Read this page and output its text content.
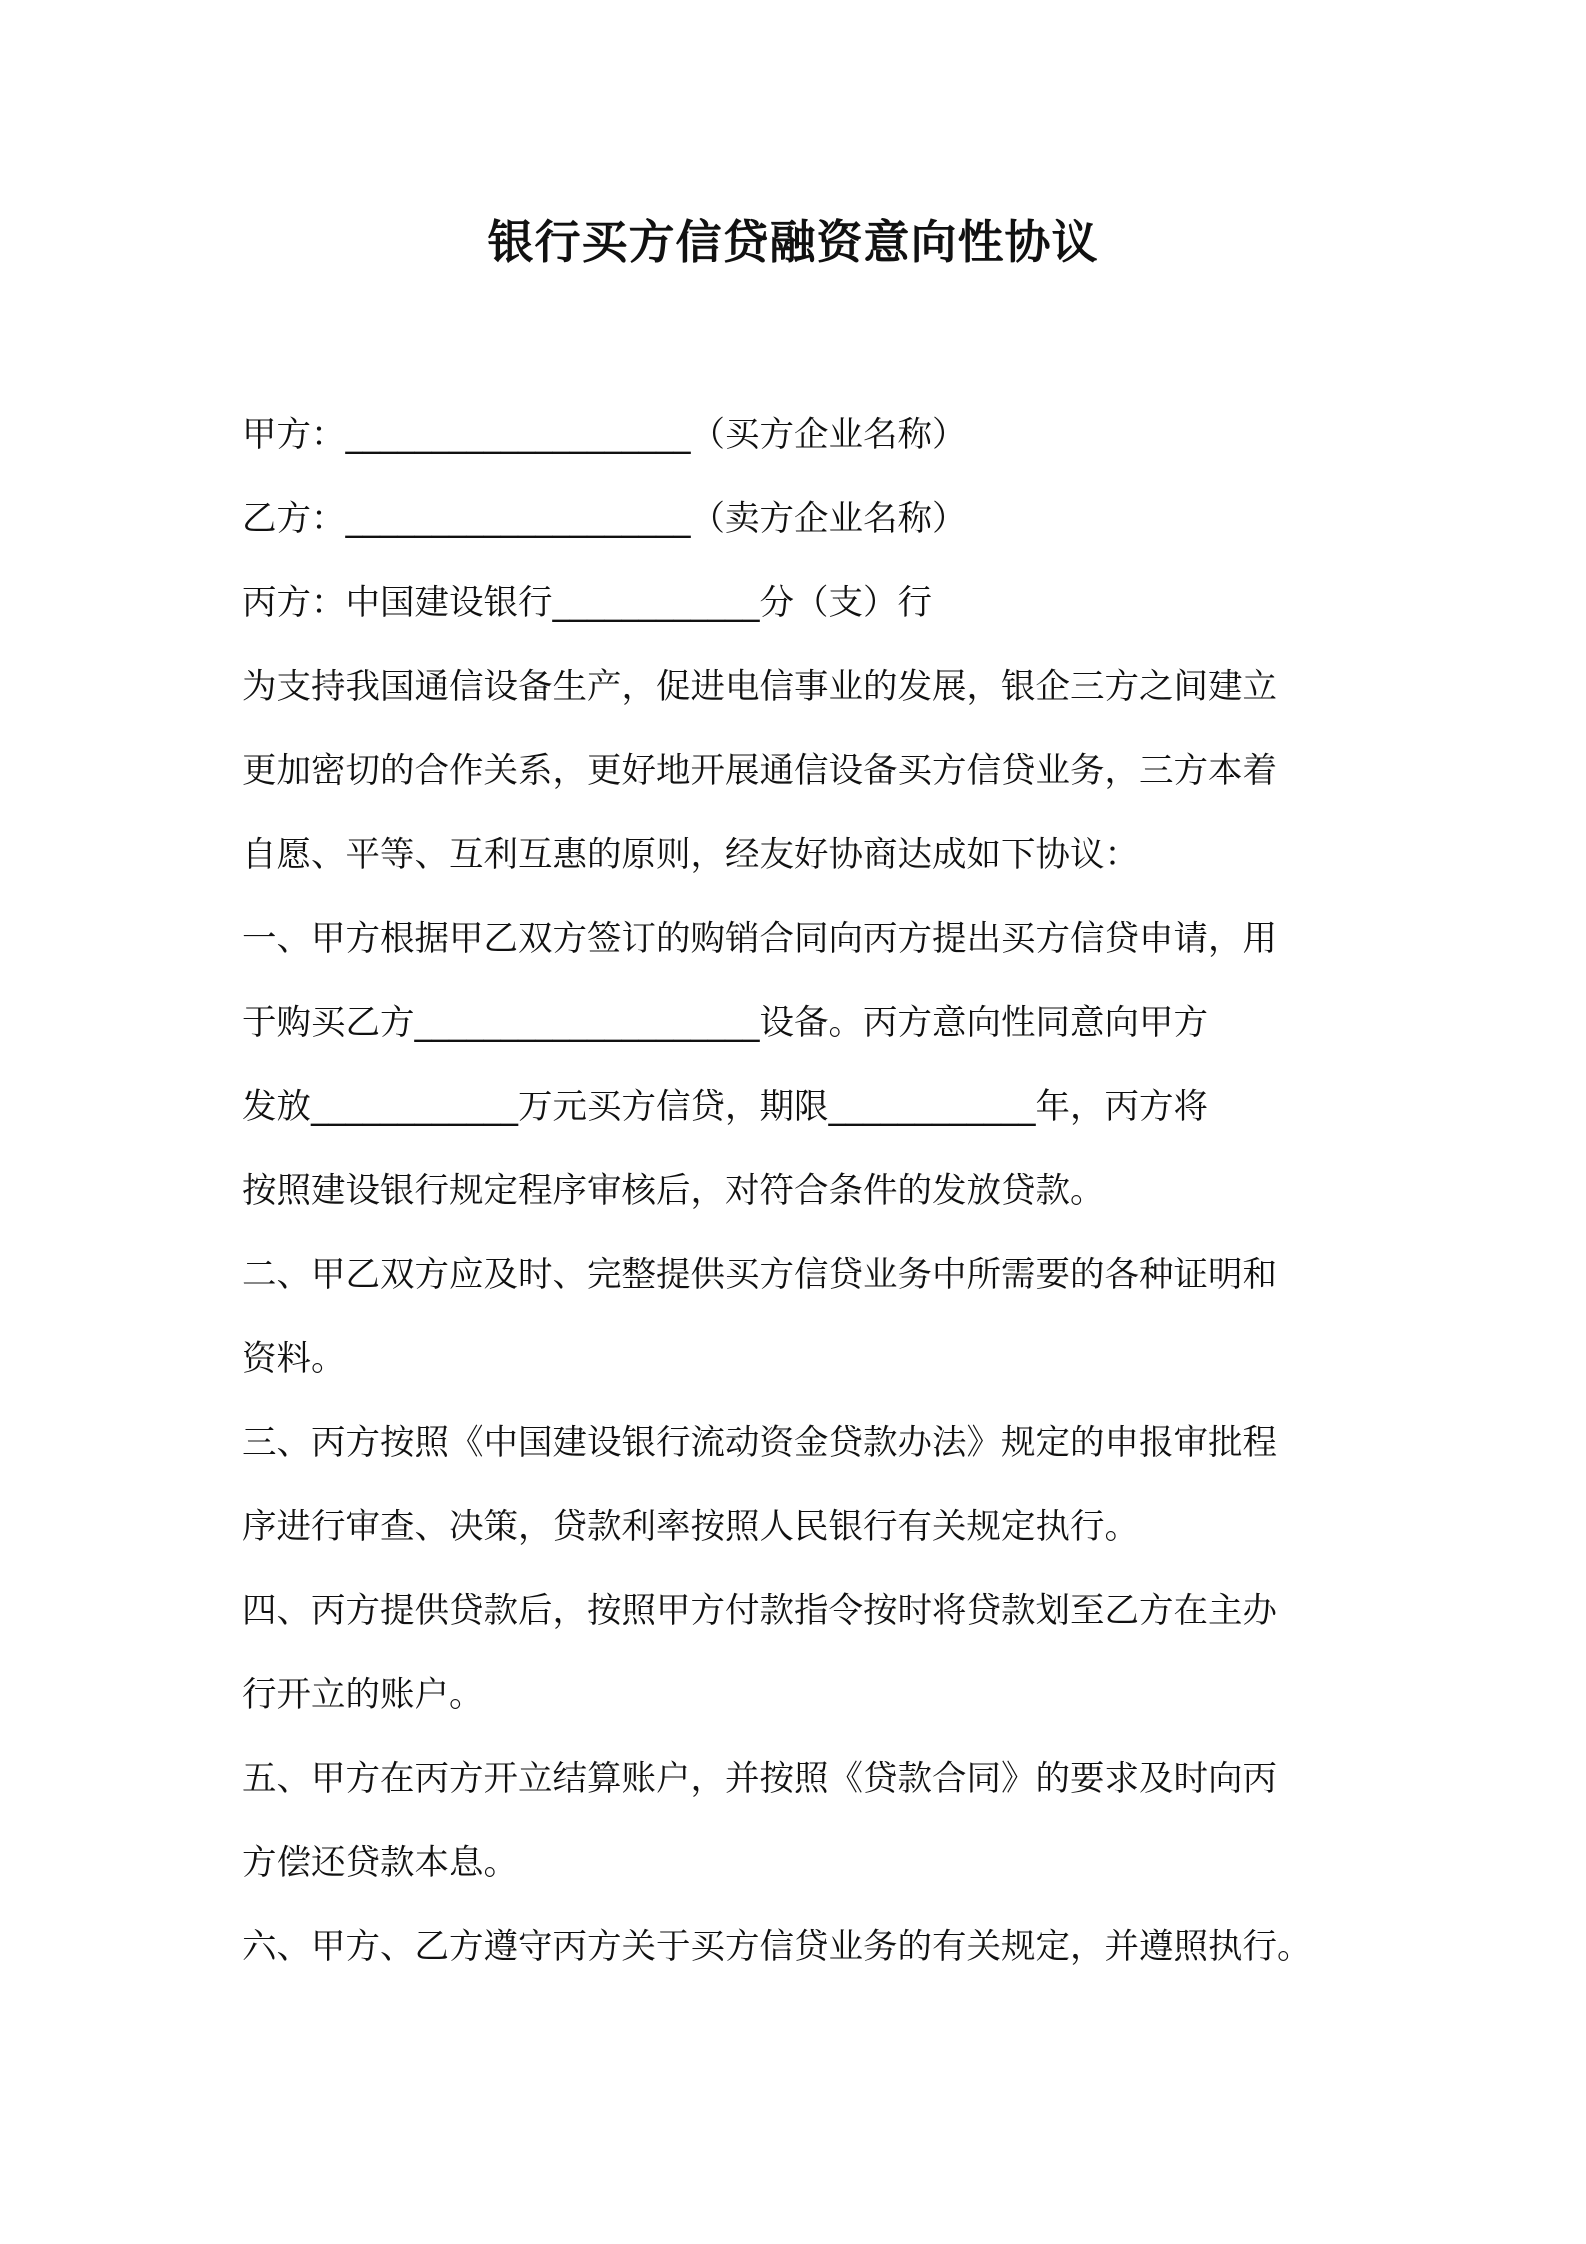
银行买方信贷融资意向性协议
甲方：____________________（买方企业名称）
乙方：____________________（卖方企业名称）
丙方：中国建设银行____________分（支）行
为支持我国通信设备生产，促进电信事业的发展，银企三方之间建立
更加密切的合作关系，更好地开展通信设备买方信贷业务，三方本着
自愿、平等、互利互惠的原则，经友好协商达成如下协议：
一、甲方根据甲乙双方签订的购销合同向丙方提出买方信贷申请，用
于购买乙方____________________设备。丙方意向性同意向甲方
发放____________万元买方信贷，期限____________年，丙方将
按照建设银行规定程序审核后，对符合条件的发放贷款。
二、甲乙双方应及时、完整提供买方信贷业务中所需要的各种证明和
资料。
三、丙方按照《中国建设银行流动资金贷款办法》规定的申报审批程
序进行审查、决策，贷款利率按照人民银行有关规定执行。
四、丙方提供贷款后，按照甲方付款指令按时将贷款划至乙方在主办
行开立的账户。
五、甲方在丙方开立结算账户，并按照《贷款合同》的要求及时向丙
方偿还贷款本息。
六、甲方、乙方遵守丙方关于买方信贷业务的有关规定，并遵照执行。
